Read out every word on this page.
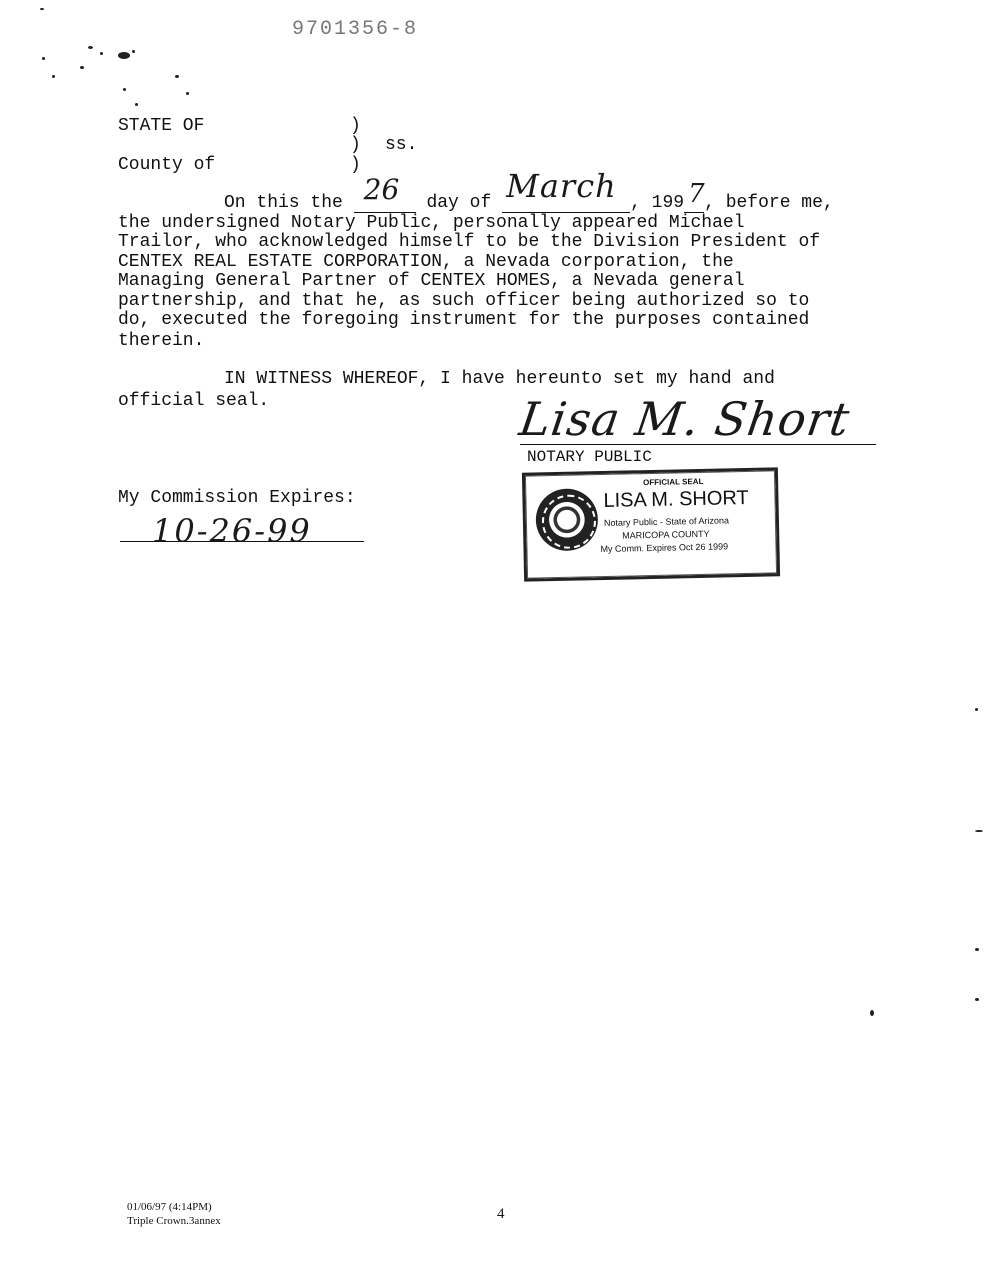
9701356-8
STATE OF
County of
)
)
)
ss.
On this the 26 day of March , 199 7 , before me,
the undersigned Notary Public, personally appeared Michael
Trailor, who acknowledged himself to be the Division President of
CENTEX REAL ESTATE CORPORATION, a Nevada corporation, the
Managing General Partner of CENTEX HOMES, a Nevada general
partnership, and that he, as such officer being authorized so to
do, executed the foregoing instrument for the purposes contained
therein.
IN WITNESS WHEREOF, I have hereunto set my hand and
official seal.	Lisa M. Short
NOTARY PUBLIC
My Commission Expires:
10-26-99
OFFICIAL SEAL
LISA M. SHORT
Notary Public - State of Arizona
MARICOPA COUNTY
My Comm. Expires Oct 26 1999
01/06/97 (4:14PM)
Triple Crown.3annex	4
